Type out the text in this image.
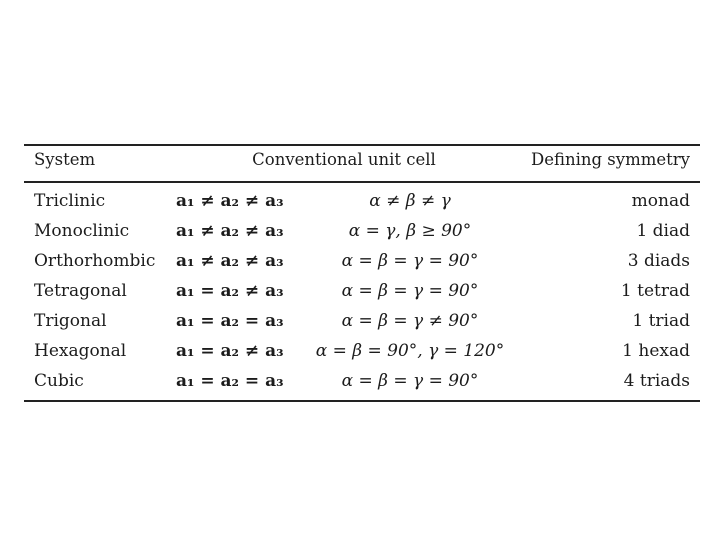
System	Conventional unit cell	Defining symmetry
Triclinic	a₁ ≠ a₂ ≠ a₃	α ≠ β ≠ γ	monad
Monoclinic	a₁ ≠ a₂ ≠ a₃	α = γ, β ≥ 90°	1 diad
Orthorhombic a₁ ≠ a₂ ≠ a₃	α = β = γ = 90°	3 diads
Tetragonal	a₁ = a₂ ≠ a₃	α = β = γ = 90°	1 tetrad
Trigonal	a₁ = a₂ = a₃	α = β = γ ≠ 90°	1 triad
Hexagonal	a₁ = a₂ ≠ a₃	α = β = 90°, γ = 120°	1 hexad
Cubic	a₁ = a₂ = a₃	α = β = γ = 90°	4 triads
